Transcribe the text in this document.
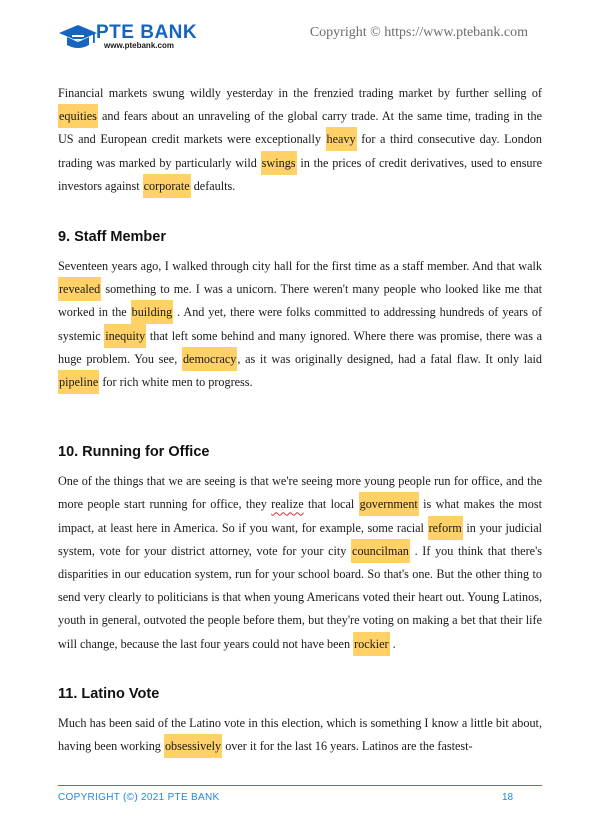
PTE BANK
www.ptebank.com
Copyright © https://www.ptebank.com

Financial markets swung wildly yesterday in the frenzied trading market by further selling of equities and fears about an unraveling of the global carry trade. At the same time, trading in the US and European credit markets were exceptionally heavy for a third consecutive day. London trading was marked by particularly wild swings in the prices of credit derivatives, used to ensure investors against corporate defaults.

9. Staff Member

Seventeen years ago, I walked through city hall for the first time as a staff member. And that walk revealed something to me. I was a unicorn. There weren't many people who looked like me that worked in the building . And yet, there were folks committed to addressing hundreds of years of systemic inequity that left some behind and many ignored. Where there was promise, there was a huge problem. You see, democracy, as it was originally designed, had a fatal flaw. It only laid pipeline for rich white men to progress.

10. Running for Office

One of the things that we are seeing is that we're seeing more young people run for office, and the more people start running for office, they realize that local government is what makes the most impact, at least here in America. So if you want, for example, some racial reform in your judicial system, vote for your district attorney, vote for your city councilman . If you think that there's disparities in our education system, run for your school board. So that's one. But the other thing to send very clearly to politicians is that when young Americans voted their heart out. Young Latinos, youth in general, outvoted the people before them, but they're voting on making a bet that their life will change, because the last four years could not have been rockier .

11. Latino Vote

Much has been said of the Latino vote in this election, which is something I know a little bit about, having been working obsessively over it for the last 16 years. Latinos are the fastest-

COPYRIGHT (©) 2021 PTE BANK	18
